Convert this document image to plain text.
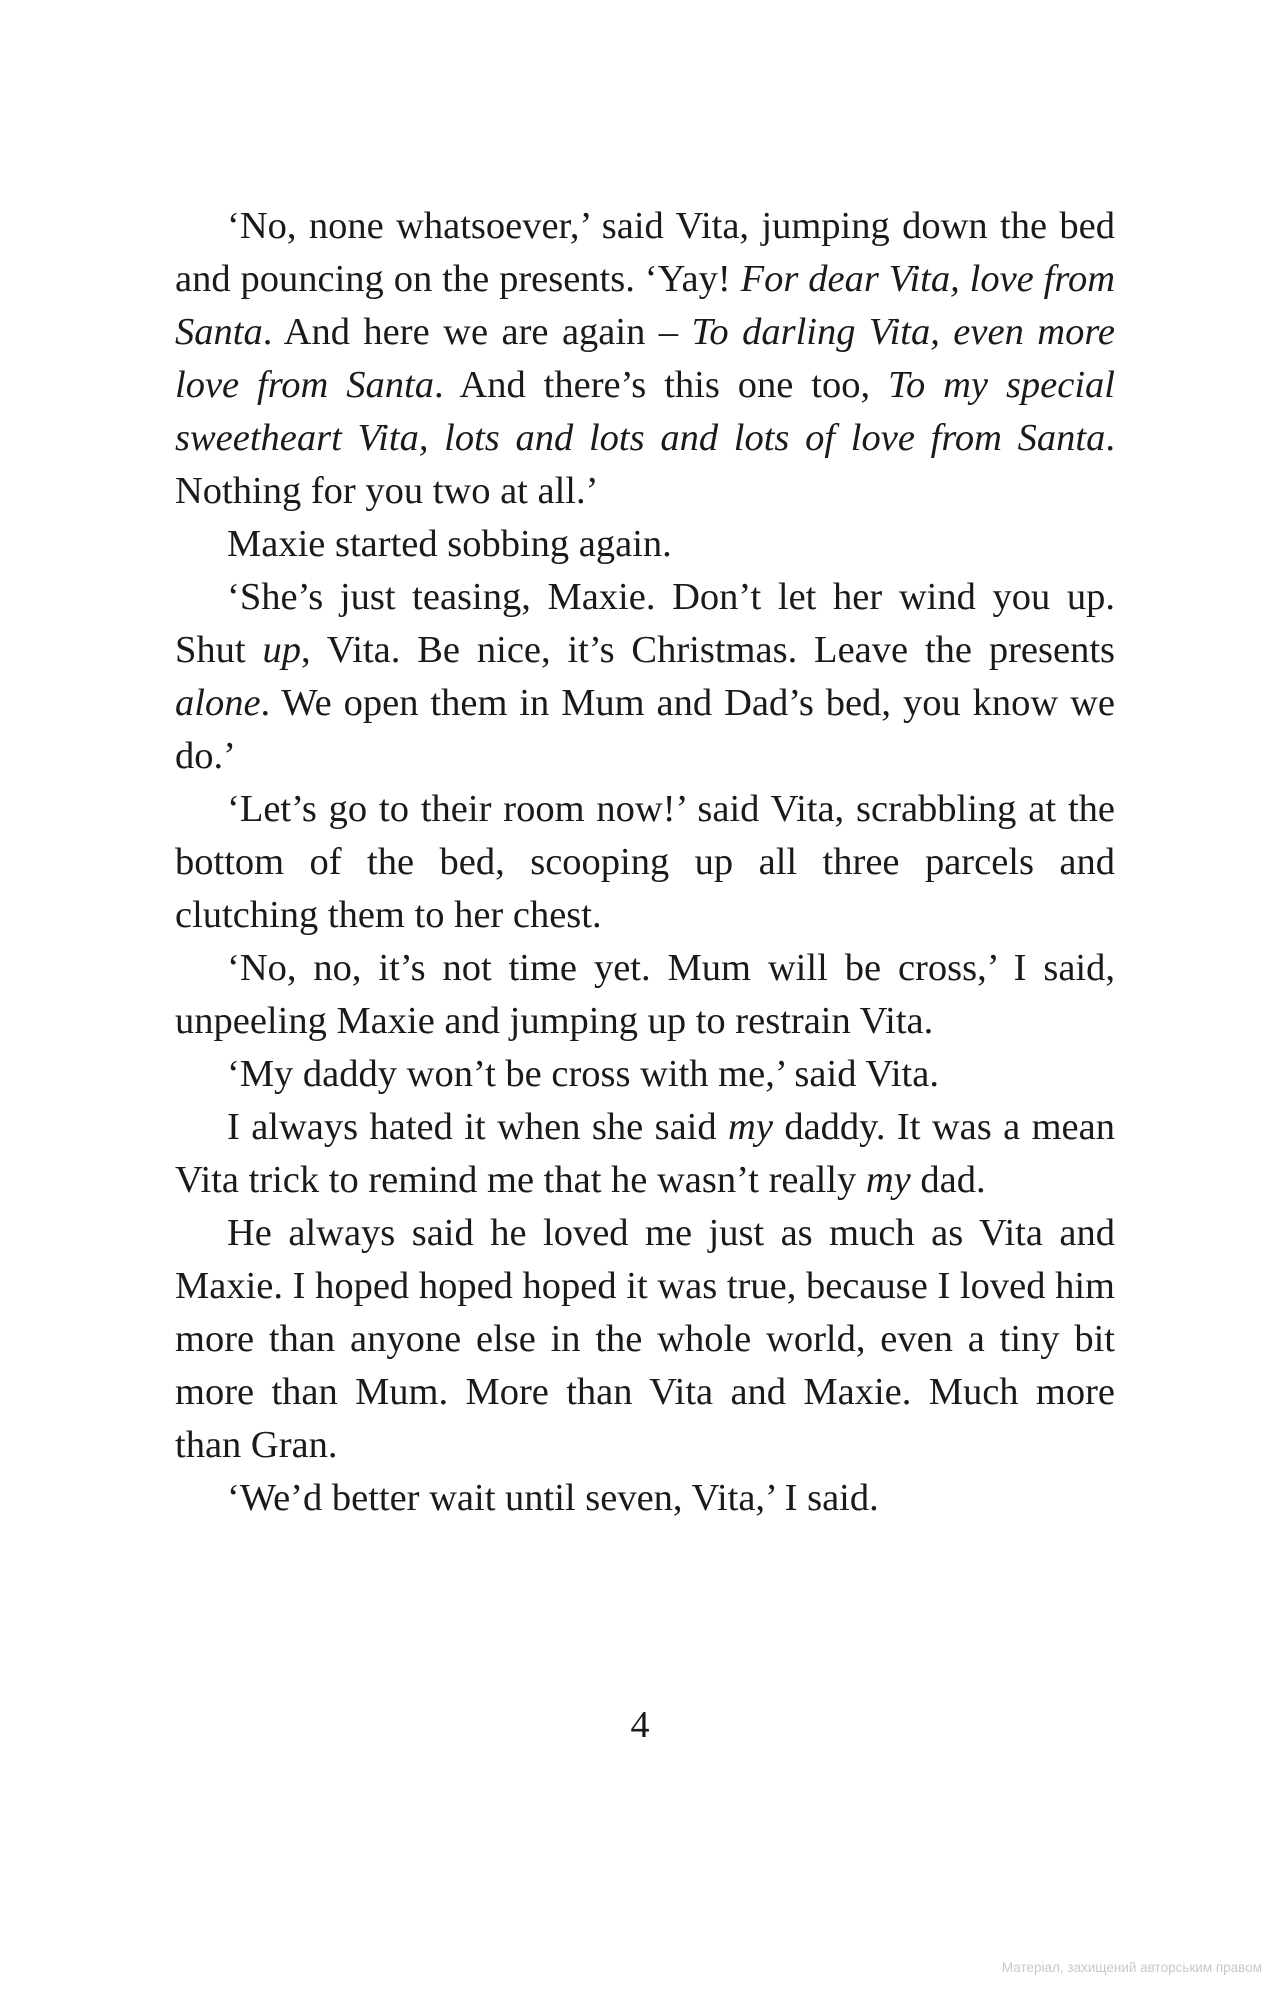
‘No, none whatsoever,’ said Vita, jumping down the bed and pouncing on the presents. ‘Yay! For dear Vita, love from Santa. And here we are again – To darling Vita, even more love from Santa. And there’s this one too, To my special sweetheart Vita, lots and lots and lots of love from Santa. Nothing for you two at all.’

Maxie started sobbing again.

‘She’s just teasing, Maxie. Don’t let her wind you up. Shut up, Vita. Be nice, it’s Christmas. Leave the presents alone. We open them in Mum and Dad’s bed, you know we do.’

‘Let’s go to their room now!’ said Vita, scrabbling at the bottom of the bed, scooping up all three parcels and clutching them to her chest.

‘No, no, it’s not time yet. Mum will be cross,’ I said, unpeeling Maxie and jumping up to restrain Vita.

‘My daddy won’t be cross with me,’ said Vita.

I always hated it when she said my daddy. It was a mean Vita trick to remind me that he wasn’t really my dad.

He always said he loved me just as much as Vita and Maxie. I hoped hoped hoped it was true, because I loved him more than anyone else in the whole world, even a tiny bit more than Mum. More than Vita and Maxie. Much more than Gran.

‘We’d better wait until seven, Vita,’ I said.

4
Матеріал, захищений авторським правом
